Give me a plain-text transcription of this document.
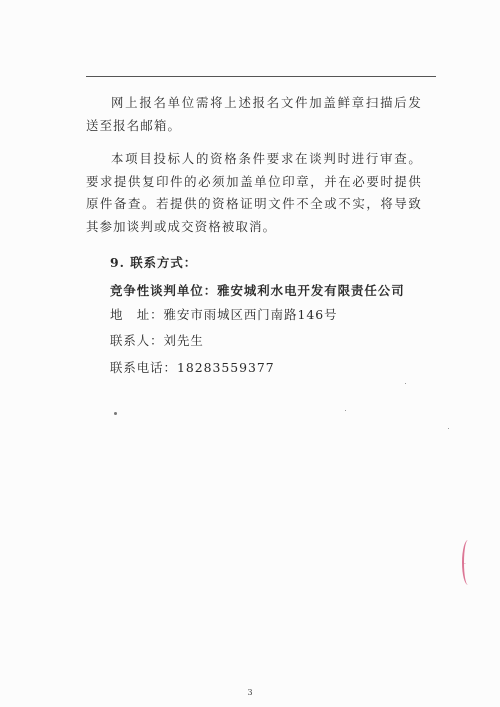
网上报名单位需将上述报名文件加盖鲜章扫描后发送至报名邮箱。

本项目投标人的资格条件要求在谈判时进行审查。要求提供复印件的必须加盖单位印章，并在必要时提供原件备查。若提供的资格证明文件不全或不实，将导致其参加谈判或成交资格被取消。

9. 联系方式：

竞争性谈判单位：雅安城利水电开发有限责任公司

地　址：雅安市雨城区西门南路146号

联系人：刘先生

联系电话：18283559377

·
3
